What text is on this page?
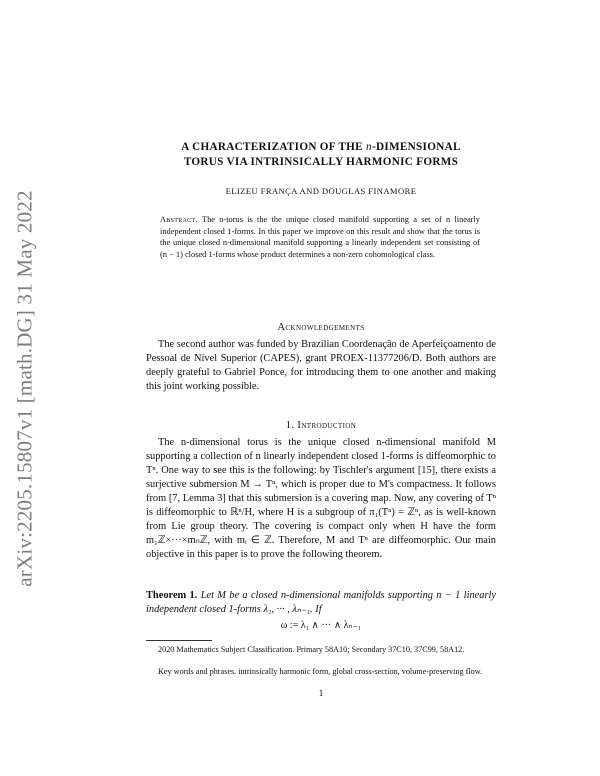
arXiv:2205.15807v1 [math.DG] 31 May 2022
A CHARACTERIZATION OF THE n-DIMENSIONAL
TORUS VIA INTRINSICALLY HARMONIC FORMS
ELIZEU FRANÇA AND DOUGLAS FINAMORE
Abstract. The n-torus is the the unique closed manifold supporting a set of n linearly independent closed 1-forms. In this paper we improve on this result and show that the torus is the unique closed n-dimensional manifold supporting a linearly independent set consisting of (n − 1) closed 1-forms whose product determines a non-zero cohomological class.
Acknowledgements

The second author was funded by Brazilian Coordenação de Aperfeiçoamento de Pessoal de Nível Superior (CAPES), grant PROEX-11377206/D. Both authors are deeply grateful to Gabriel Ponce, for introducing them to one another and making this joint working possible.

1. Introduction

The n-dimensional torus is the unique closed n-dimensional manifold M supporting a collection of n linearly independent closed 1-forms is diffeomorphic to Tⁿ. One way to see this is the following: by Tischler's argument [15], there exists a surjective submersion M → Tⁿ, which is proper due to M's compactness. It follows from [7, Lemma 3] that this submersion is a covering map. Now, any covering of Tⁿ is diffeomorphic to ℝⁿ/H, where H is a subgroup of π₁(Tⁿ) = ℤⁿ, as is well-known from Lie group theory. The covering is compact only when H have the form m₁ℤ×···×mₙℤ, with mᵢ ∈ ℤ. Therefore, M and Tⁿ are diffeomorphic. Our main objective in this paper is to prove the following theorem.

Theorem 1. Let M be a closed n-dimensional manifolds supporting n − 1 linearly independent closed 1-forms λ₁, ··· , λₙ₋₁. If
ω := λ₁ ∧ ··· ∧ λₙ₋₁

2020 Mathematics Subject Classification. Primary 58A10; Secondary 37C10, 37C99, 58A12.

Key words and phrases. intrinsically harmonic form, global cross-section, volume-preserving flow.

1
